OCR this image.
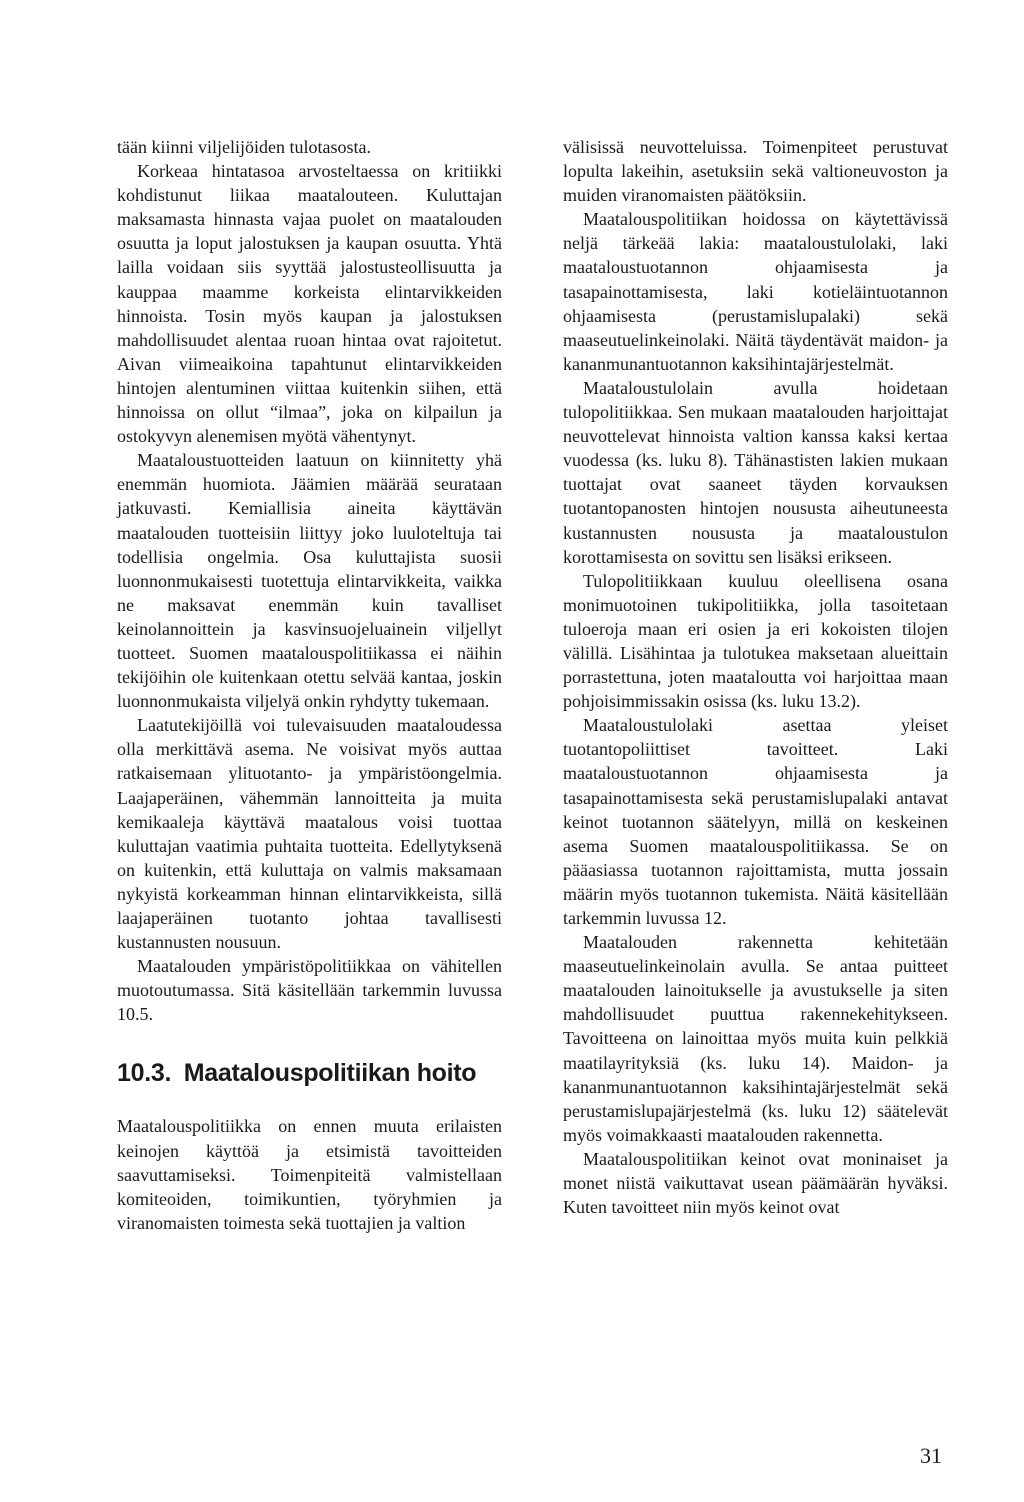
tään kiinni viljelijöiden tulotasosta.

Korkeaa hintatasoa arvosteltaessa on kritiikki kohdistunut liikaa maatalouteen. Kuluttajan maksamasta hinnasta vajaa puolet on maatalouden osuutta ja loput jalostuksen ja kaupan osuutta. Yhtä lailla voidaan siis syyttää jalostusteollisuutta ja kauppaa maamme korkeista elintarvikkeiden hinnoista. Tosin myös kaupan ja jalostuksen mahdollisuudet alentaa ruoan hintaa ovat rajoitetut. Aivan viimeaikoina tapahtunut elintarvikkeiden hintojen alentuminen viittaa kuitenkin siihen, että hinnoissa on ollut “ilmaa”, joka on kilpailun ja ostokyvyn alenemisen myötä vähentynyt.

Maataloustuotteiden laatuun on kiinnitetty yhä enemmän huomiota. Jäämien määrää seurataan jatkuvasti. Kemiallisia aineita käyttävän maatalouden tuotteisiin liittyy joko luuloteltuja tai todellisia ongelmia. Osa kuluttajista suosii luonnonmukaisesti tuotettuja elintarvikkeita, vaikka ne maksavat enemmän kuin tavalliset keinolannoittein ja kasvinsuojeluainein viljellyt tuotteet. Suomen maatalouspolitiikassa ei näihin tekijöihin ole kuitenkaan otettu selvää kantaa, joskin luonnonmukaista viljelyä onkin ryhdytty tukemaan.

Laatutekijöillä voi tulevaisuuden maataloudessa olla merkittävä asema. Ne voisivat myös auttaa ratkaisemaan ylituotanto- ja ympäristöongelmia. Laajaperäinen, vähemmän lannoitteita ja muita kemikaaleja käyttävä maatalous voisi tuottaa kuluttajan vaatimia puhtaita tuotteita. Edellytyksenä on kuitenkin, että kuluttaja on valmis maksamaan nykyistä korkeamman hinnan elintarvikkeista, sillä laajaperäinen tuotanto johtaa tavallisesti kustannusten nousuun.

Maatalouden ympäristöpolitiikkaa on vähitellen muotoutumassa. Sitä käsitellään tarkemmin luvussa 10.5.

10.3. Maatalouspolitiikan hoito

Maatalouspolitiikka on ennen muuta erilaisten keinojen käyttöä ja etsimistä tavoitteiden saavuttamiseksi. Toimenpiteitä valmistellaan komiteoiden, toimikuntien, työryhmien ja viranomaisten toimesta sekä tuottajien ja valtion

välisissä neuvotteluissa. Toimenpiteet perustuvat lopulta lakeihin, asetuksiin sekä valtioneuvoston ja muiden viranomaisten päätöksiin.

Maatalouspolitiikan hoidossa on käytettävissä neljä tärkeää lakia: maataloustulolaki, laki maataloustuotannon ohjaamisesta ja tasapainottamisesta, laki kotieläintuotannon ohjaamisesta (perustamislupalaki) sekä maaseutuelinkeinolaki. Näitä täydentävät maidon- ja kananmunantuotannon kaksihintajärjestelmät.

Maataloustulolain avulla hoidetaan tulopolitiikkaa. Sen mukaan maatalouden harjoittajat neuvottelevat hinnoista valtion kanssa kaksi kertaa vuodessa (ks. luku 8). Tähänastisten lakien mukaan tuottajat ovat saaneet täyden korvauksen tuotantopanosten hintojen noususta aiheutuneesta kustannusten noususta ja maataloustulon korottamisesta on sovittu sen lisäksi erikseen.

Tulopolitiikkaan kuuluu oleellisena osana monimuotoinen tukipolitiikka, jolla tasoitetaan tuloeroja maan eri osien ja eri kokoisten tilojen välillä. Lisähintaa ja tulotukea maksetaan alueittain porrastettuna, joten maataloutta voi harjoittaa maan pohjoisimmissakin osissa (ks. luku 13.2).

Maataloustulolaki asettaa yleiset tuotantopoliittiset tavoitteet. Laki maataloustuotannon ohjaamisesta ja tasapainottamisesta sekä perustamislupalaki antavat keinot tuotannon säätelyyn, millä on keskeinen asema Suomen maatalouspolitiikassa. Se on pääasiassa tuotannon rajoittamista, mutta jossain määrin myös tuotannon tukemista. Näitä käsitellään tarkemmin luvussa 12.

Maatalouden rakennetta kehitetään maaseutuelinkeinolain avulla. Se antaa puitteet maatalouden lainoitukselle ja avustukselle ja siten mahdollisuudet puuttua rakennekehitykseen. Tavoitteena on lainoittaa myös muita kuin pelkkiä maatilayrityksiä (ks. luku 14). Maidon- ja kananmunantuotannon kaksihintajärjestelmät sekä perustamislupajärjestelmä (ks. luku 12) säätelevät myös voimakkaasti maatalouden rakennetta.

Maatalouspolitiikan keinot ovat moninaiset ja monet niistä vaikuttavat usean päämäärän hyväksi. Kuten tavoitteet niin myös keinot ovat

31
